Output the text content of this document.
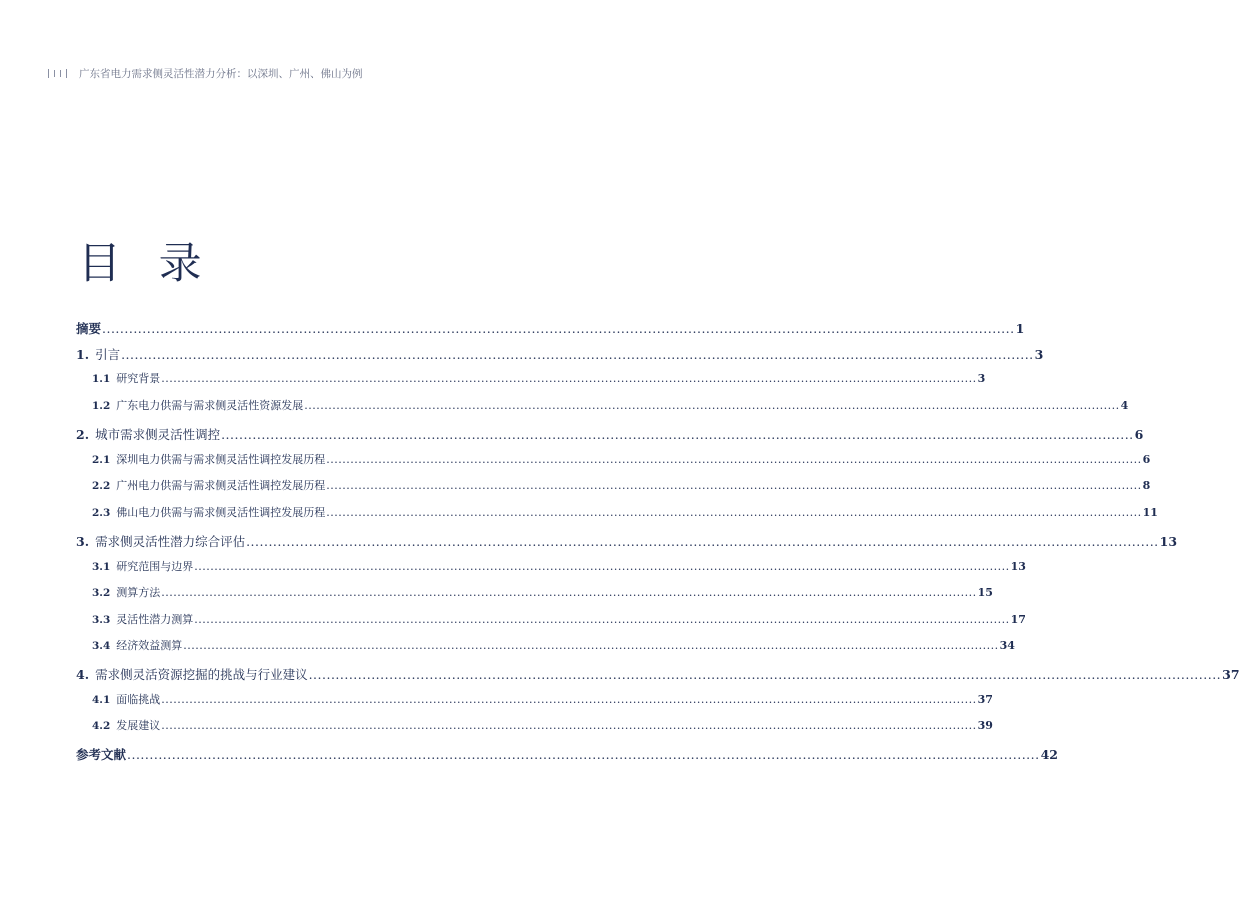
广东省电力需求侧灵活性潜力分析：以深圳、广州、佛山为例
目 录
摘要 ............................................................................................................................................................................................................ 1
1. 引言 ............................................................................................................................................................................................................ 3
1.1 研究背景 ............................................................................................................................................................................................................ 3
1.2 广东电力供需与需求侧灵活性资源发展 ............................................................................................................................................................................................................ 4
2. 城市需求侧灵活性调控 ............................................................................................................................................................................................................ 6
2.1 深圳电力供需与需求侧灵活性调控发展历程 ............................................................................................................................................................................................................ 6
2.2 广州电力供需与需求侧灵活性调控发展历程 ............................................................................................................................................................................................................ 8
2.3 佛山电力供需与需求侧灵活性调控发展历程 ............................................................................................................................................................................................................ 11
3. 需求侧灵活性潜力综合评估 ............................................................................................................................................................................................................ 13
3.1 研究范围与边界 ............................................................................................................................................................................................................ 13
3.2 测算方法 ............................................................................................................................................................................................................ 15
3.3 灵活性潜力测算 ............................................................................................................................................................................................................ 17
3.4 经济效益测算 ............................................................................................................................................................................................................ 34
4. 需求侧灵活资源挖掘的挑战与行业建议 ............................................................................................................................................................................................................ 37
4.1 面临挑战 ............................................................................................................................................................................................................ 37
4.2 发展建议 ............................................................................................................................................................................................................ 39
参考文献 ............................................................................................................................................................................................................ 42
